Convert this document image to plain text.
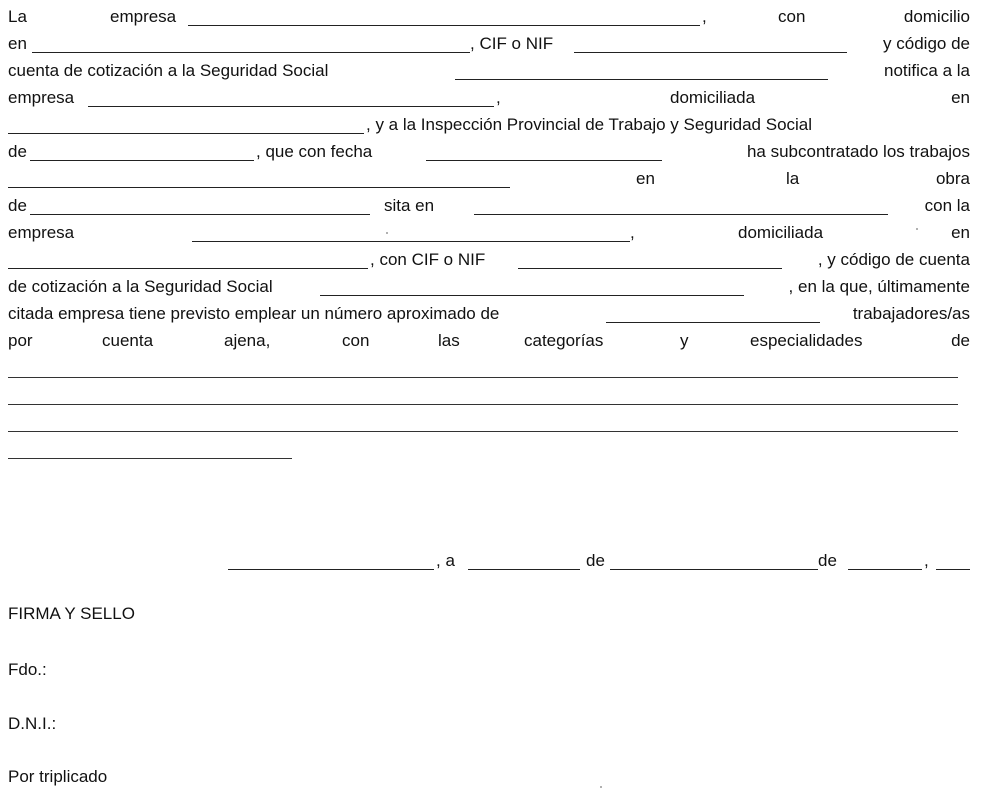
La	empresa	,	con	domicilio
en	, CIF o NIF	y código de
cuenta de cotización a la Seguridad Social	notifica a la
empresa	,	domiciliada	en
, y a la Inspección Provincial de Trabajo y Seguridad Social
de	, que con fecha	ha subcontratado los trabajos
en	la	obra
de	sita en	con la
empresa	,	domiciliada	en
, con CIF o NIF	, y código de cuenta
de cotización a la Seguridad Social	, en la que, últimamente
citada empresa tiene previsto emplear un número aproximado de	trabajadores/as
por	cuenta	ajena,	con	las	categorías	y	especialidades	de
, a	de	de	,
FIRMA Y SELLO
Fdo.:
D.N.I.:
Por triplicado
